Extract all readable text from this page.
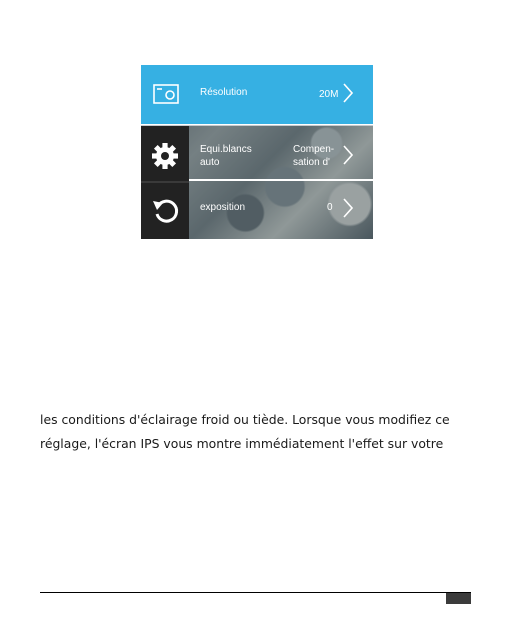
Résolution	20M
Equi.blancs
auto
Compen-
sation d'
exposition	0
les conditions d'éclairage froid ou tiède. Lorsque vous modifiez ce
réglage, l'écran IPS vous montre immédiatement l'effet sur votre
